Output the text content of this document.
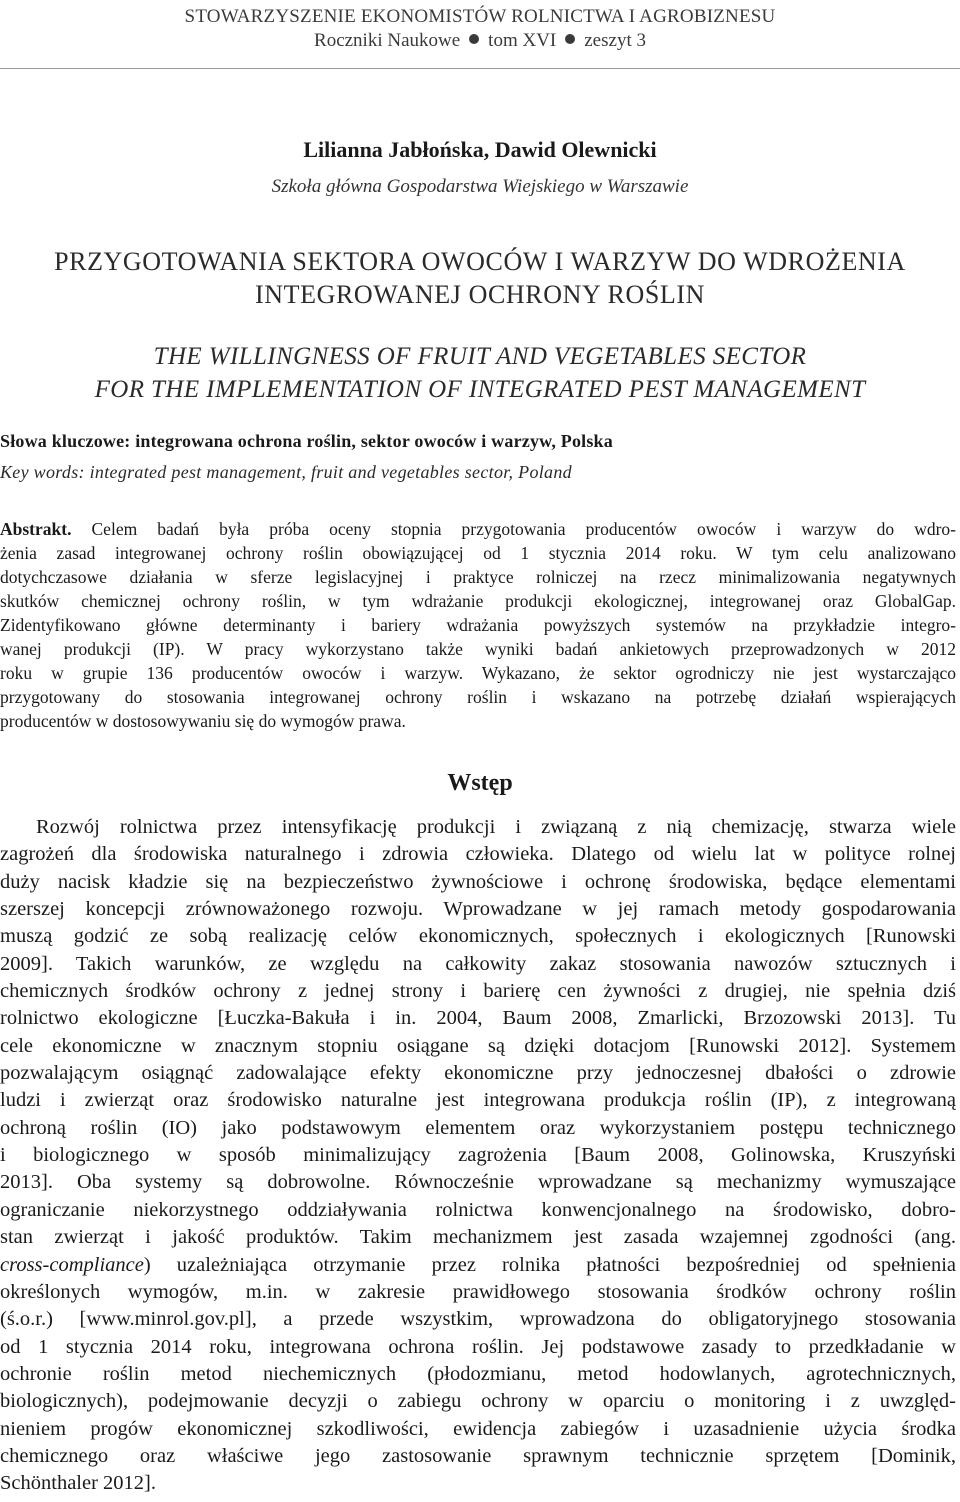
STOWARZYSZENIE EKONOMISTÓW ROLNICTWA I AGROBIZNESU
Roczniki Naukowe tom XVI zeszyt 3
Lilianna Jabłońska, Dawid Olewnicki
Szkoła główna Gospodarstwa Wiejskiego w Warszawie
PRZYGOTOWANIA SEKTORA OWOCÓW I WARZYW DO WDROŻENIA
INTEGROWANEJ OCHRONY ROŚLIN
THE WILLINGNESS OF FRUIT AND VEGETABLES SECTOR
FOR THE IMPLEMENTATION OF INTEGRATED PEST MANAGEMENT
Słowa kluczowe: integrowana ochrona roślin, sektor owoców i warzyw, Polska
Key words: integrated pest management, fruit and vegetables sector, Poland
Abstrakt. Celem badań była próba oceny stopnia przygotowania producentów owoców i warzyw do wdro-
żenia zasad integrowanej ochrony roślin obowiązującej od 1 stycznia 2014 roku. W tym celu analizowano
dotychczasowe działania w sferze legislacyjnej i praktyce rolniczej na rzecz minimalizowania negatywnych
skutków chemicznej ochrony roślin, w tym wdrażanie produkcji ekologicznej, integrowanej oraz GlobalGap.
Zidentyfikowano główne determinanty i bariery wdrażania powyższych systemów na przykładzie integro-
wanej produkcji (IP). W pracy wykorzystano także wyniki badań ankietowych przeprowadzonych w 2012
roku w grupie 136 producentów owoców i warzyw. Wykazano, że sektor ogrodniczy nie jest wystarczająco
przygotowany do stosowania integrowanej ochrony roślin i wskazano na potrzebę działań wspierających
producentów w dostosowywaniu się do wymogów prawa.
Wstęp
Rozwój rolnictwa przez intensyfikację produkcji i związaną z nią chemizację, stwarza wiele
zagrożeń dla środowiska naturalnego i zdrowia człowieka. Dlatego od wielu lat w polityce rolnej
duży nacisk kładzie się na bezpieczeństwo żywnościowe i ochronę środowiska, będące elementami
szerszej koncepcji zrównoważonego rozwoju. Wprowadzane w jej ramach metody gospodarowania
muszą godzić ze sobą realizację celów ekonomicznych, społecznych i ekologicznych [Runowski
2009]. Takich warunków, ze względu na całkowity zakaz stosowania nawozów sztucznych i
chemicznych środków ochrony z jednej strony i barierę cen żywności z drugiej, nie spełnia dziś
rolnictwo ekologiczne [Łuczka-Bakuła i in. 2004, Baum 2008, Zmarlicki, Brzozowski 2013]. Tu
cele ekonomiczne w znacznym stopniu osiągane są dzięki dotacjom [Runowski 2012]. Systemem
pozwalającym osiągnąć zadowalające efekty ekonomiczne przy jednoczesnej dbałości o zdrowie
ludzi i zwierząt oraz środowisko naturalne jest integrowana produkcja roślin (IP), z integrowaną
ochroną roślin (IO) jako podstawowym elementem oraz wykorzystaniem postępu technicznego
i biologicznego w sposób minimalizujący zagrożenia [Baum 2008, Golinowska, Kruszyński
2013]. Oba systemy są dobrowolne. Równocześnie wprowadzane są mechanizmy wymuszające
ograniczanie niekorzystnego oddziaływania rolnictwa konwencjonalnego na środowisko, dobro-
stan zwierząt i jakość produktów. Takim mechanizmem jest zasada wzajemnej zgodności (ang.
cross-compliance) uzależniająca otrzymanie przez rolnika płatności bezpośredniej od spełnienia
określonych wymogów, m.in. w zakresie prawidłowego stosowania środków ochrony roślin
(ś.o.r.) [www.minrol.gov.pl], a przede wszystkim, wprowadzona do obligatoryjnego stosowania
od 1 stycznia 2014 roku, integrowana ochrona roślin. Jej podstawowe zasady to przedkładanie w
ochronie roślin metod niechemicznych (płodozmianu, metod hodowlanych, agrotechnicznych,
biologicznych), podejmowanie decyzji o zabiegu ochrony w oparciu o monitoring i z uwzględ-
nieniem progów ekonomicznej szkodliwości, ewidencja zabiegów i uzasadnienie użycia środka
chemicznego oraz właściwe jego zastosowanie sprawnym technicznie sprzętem [Dominik,
Schönthaler 2012].
